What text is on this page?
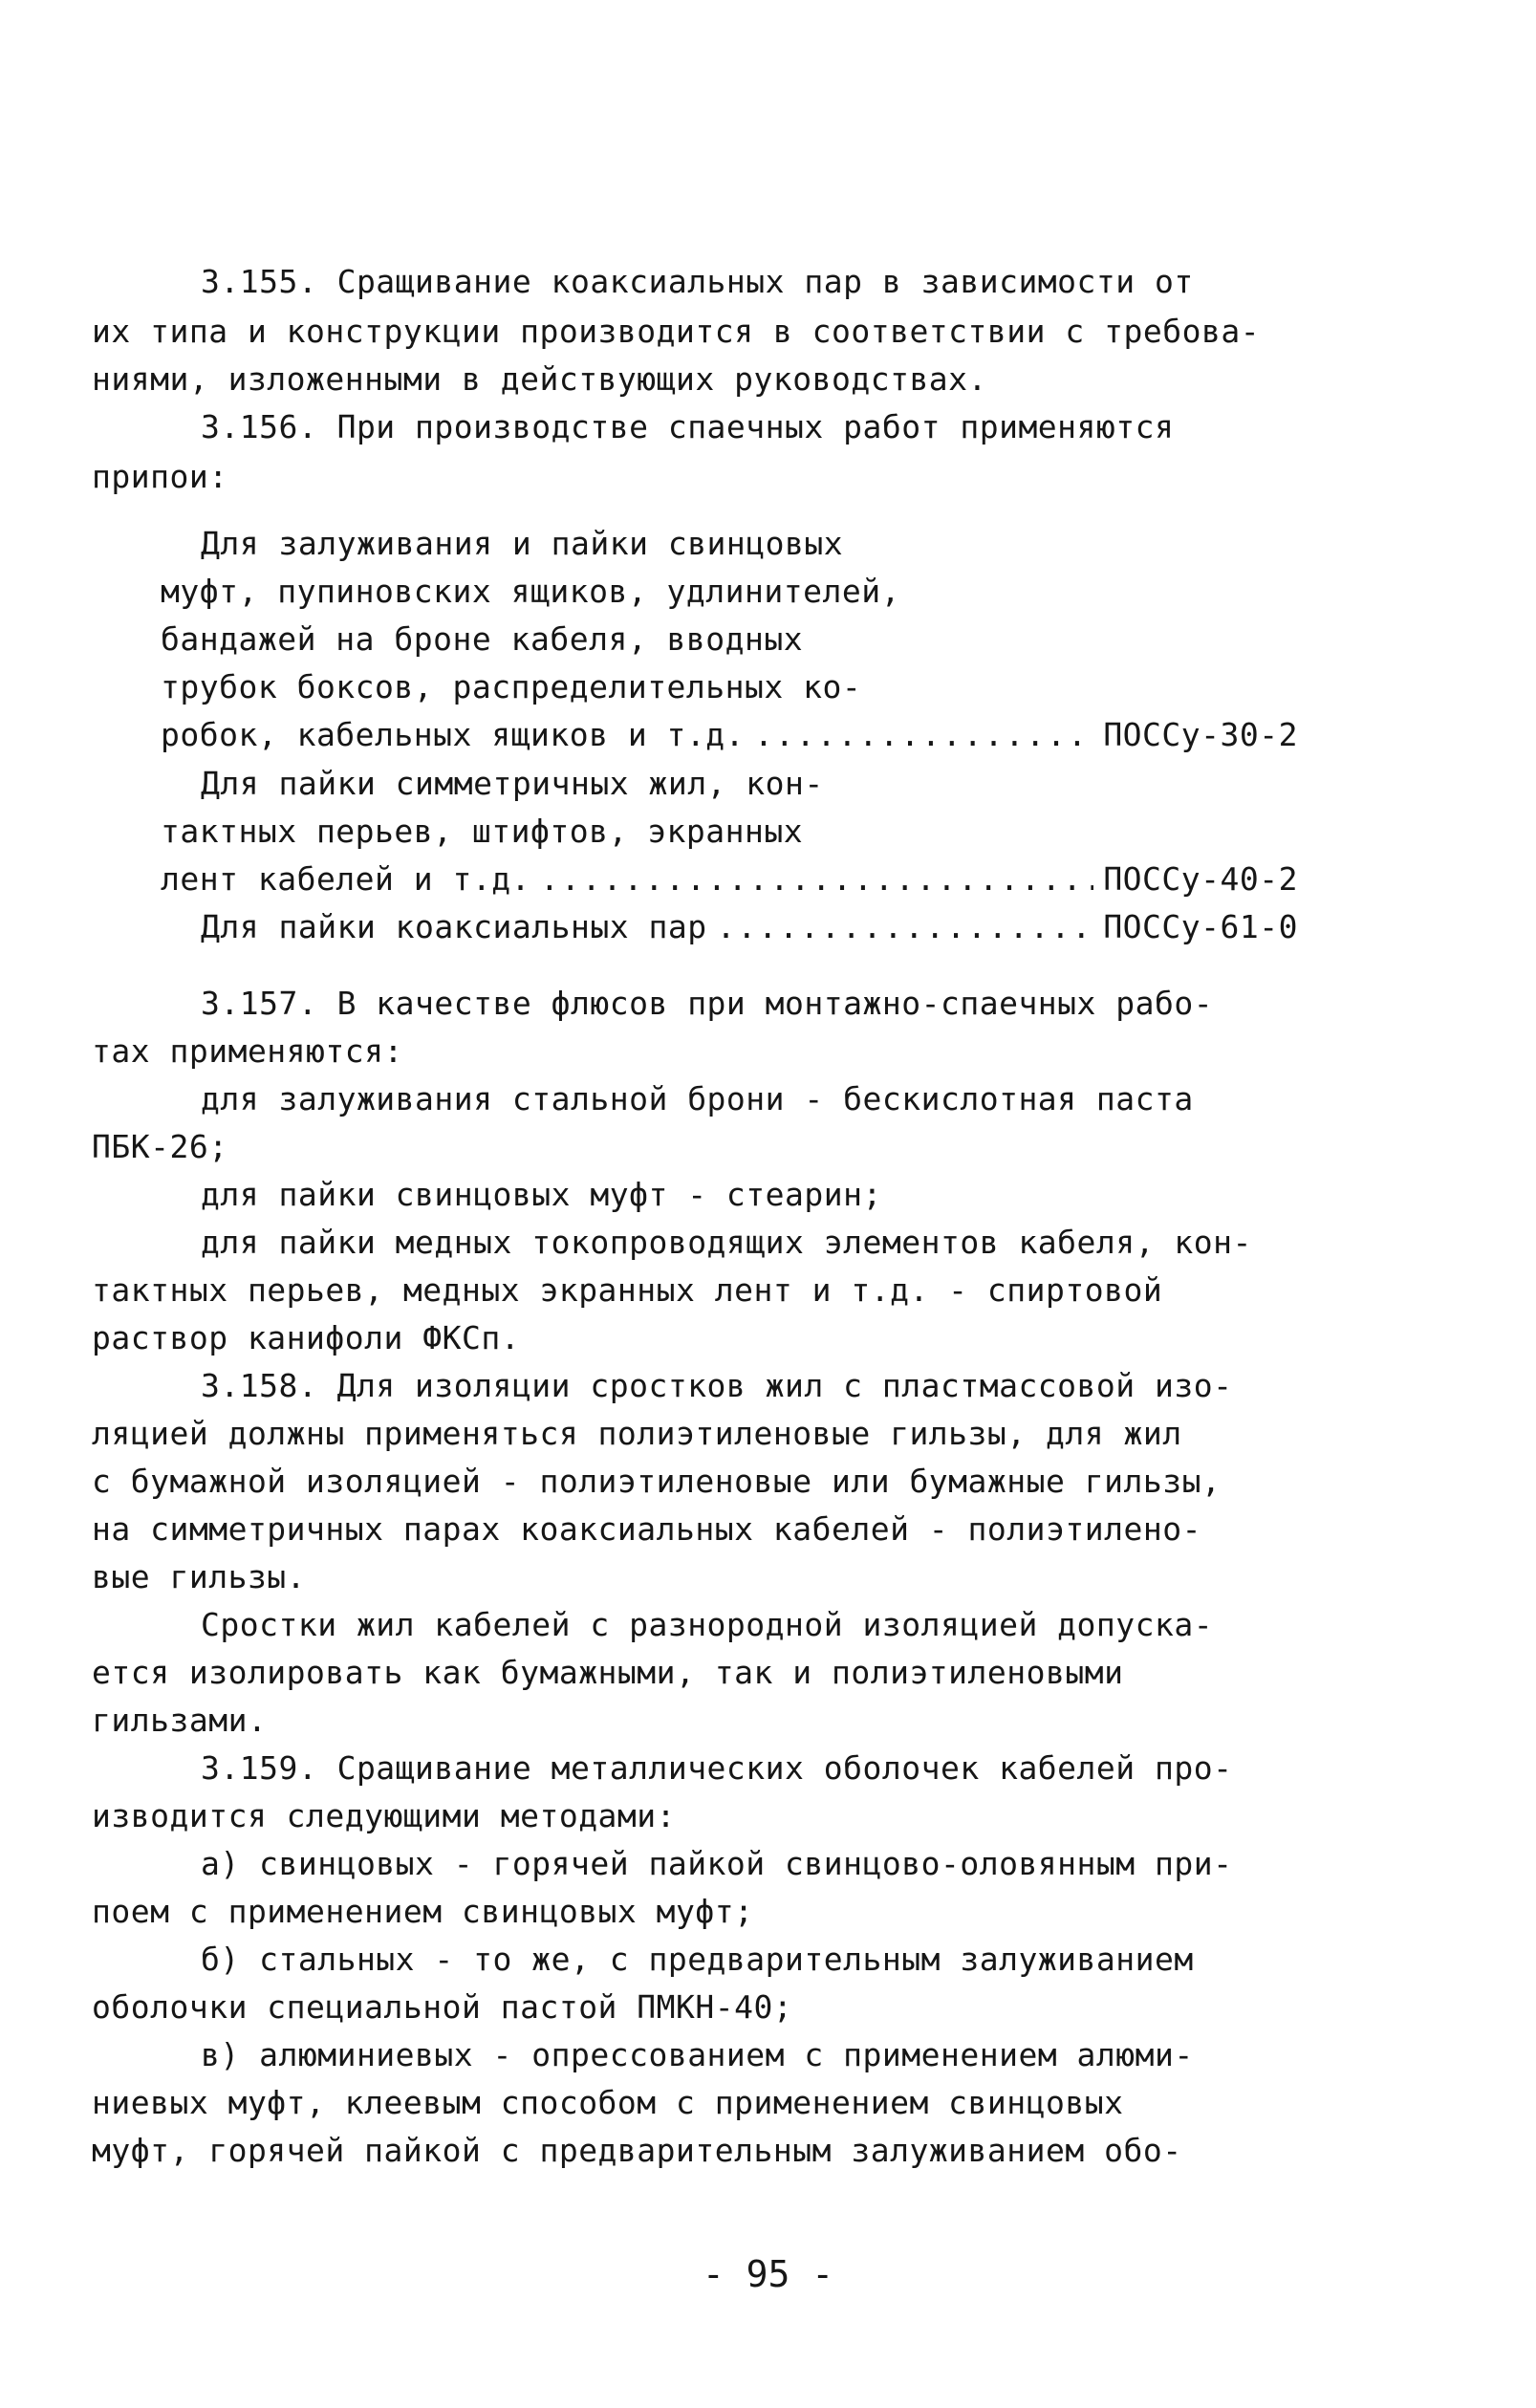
3.155. Сращивание коаксиальных пар в зависимости от
их типа и конструкции производится в соответствии с требова-
ниями, изложенными в действующих руководствах.
3.156. При производстве спаечных работ применяются
припои:
Для залуживания и пайки свинцовых
муфт, пупиновских ящиков, удлинителей,
бандажей на броне кабеля, вводных
трубок боксов, распределительных ко-
робок, кабельных ящиков и т.д. .....	ПОССу-30-2
Для пайки симметричных жил, кон-
тактных перьев, штифтов, экранных
лент кабелей и т.д. .....	ПОССу-40-2
Для пайки коаксиальных пар .....	ПОССу-61-0
3.157. В качестве флюсов при монтажно-спаечных рабо-
тах применяются:
для залуживания стальной брони - бескислотная паста
ПБК-26;
для пайки свинцовых муфт - стеарин;
для пайки медных токопроводящих элементов кабеля, кон-
тактных перьев, медных экранных лент и т.д. - спиртовой
раствор канифоли ФКСп.
3.158. Для изоляции сростков жил с пластмассовой изо-
ляцией должны применяться полиэтиленовые гильзы, для жил
с бумажной изоляцией - полиэтиленовые или бумажные гильзы,
на симметричных парах коаксиальных кабелей - полиэтилено-
вые гильзы.
Сростки жил кабелей с разнородной изоляцией допуска-
ется изолировать как бумажными, так и полиэтиленовыми
гильзами.
3.159. Сращивание металлических оболочек кабелей про-
изводится следующими методами:
а) свинцовых - горячей пайкой свинцово-оловянным при-
поем с применением свинцовых муфт;
б) стальных - то же, с предварительным залуживанием
оболочки специальной пастой ПМКН-40;
в) алюминиевых - опрессованием с применением алюми-
ниевых муфт, клеевым способом с применением свинцовых
муфт, горячей пайкой с предварительным залуживанием обо-
- 95 -
